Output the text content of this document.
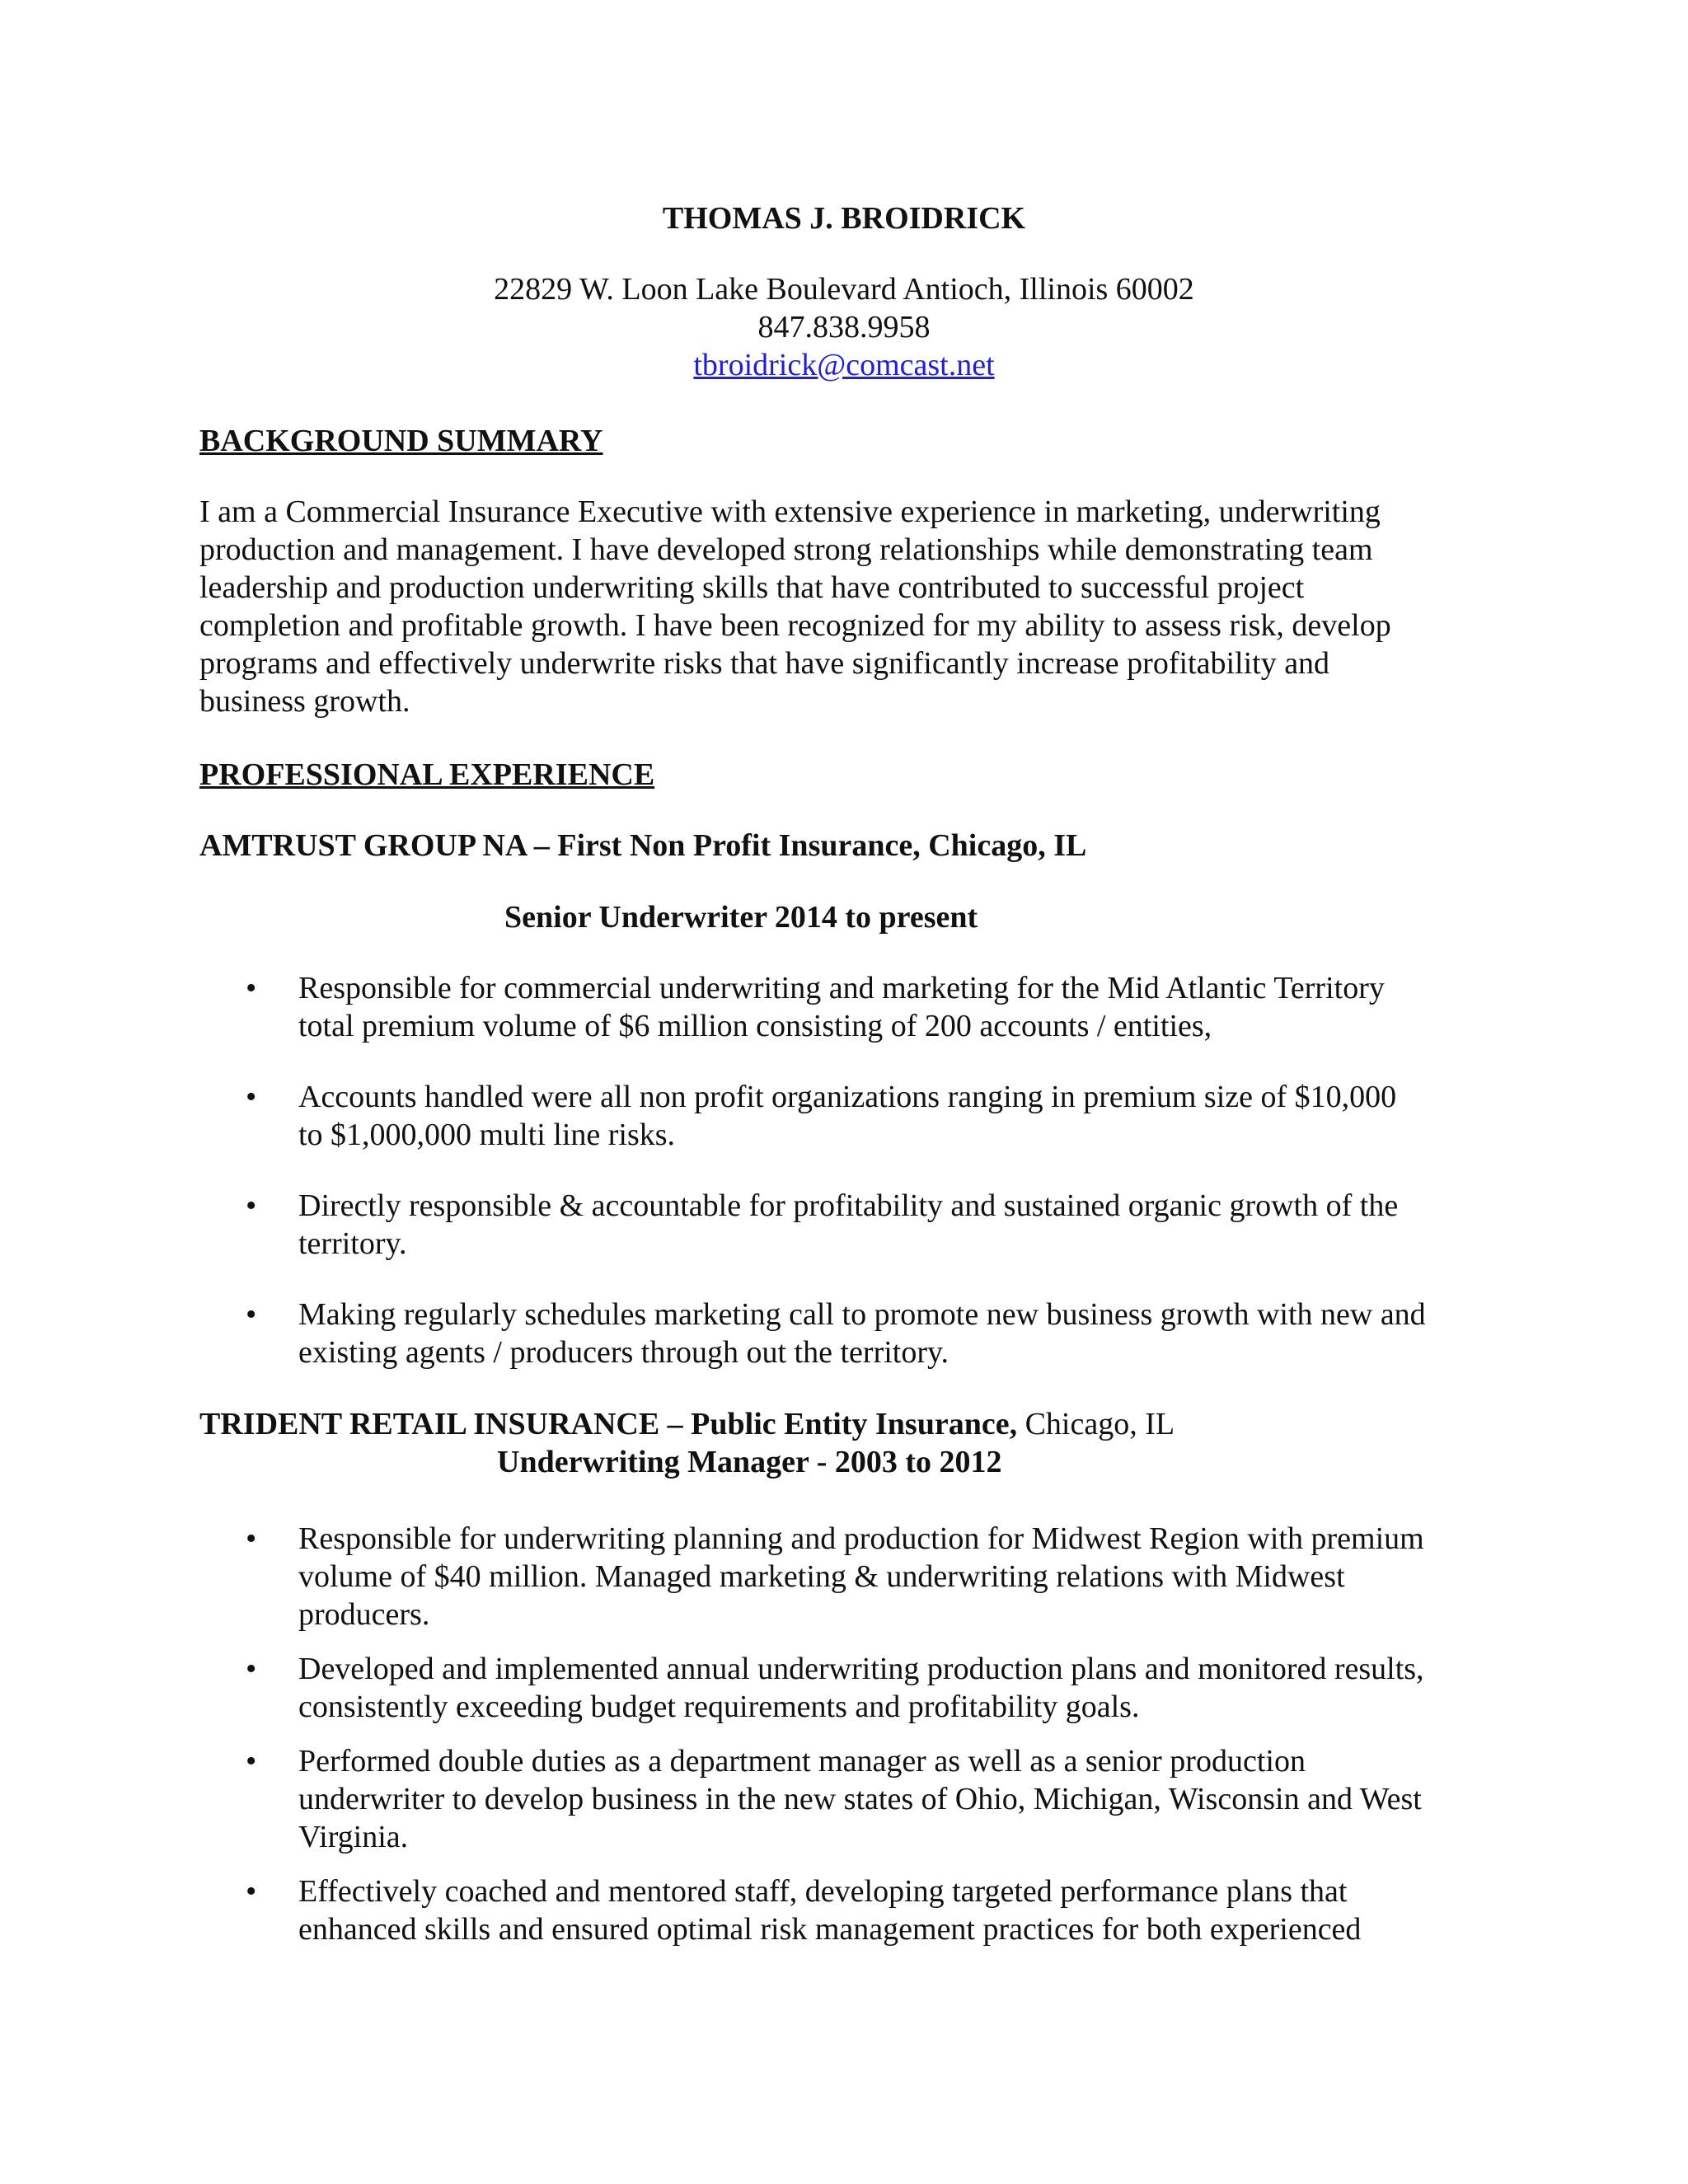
THOMAS J. BROIDRICK
22829 W. Loon Lake Boulevard Antioch, Illinois 60002
847.838.9958
tbroidrick@comcast.net
BACKGROUND SUMMARY
I am a Commercial Insurance Executive with extensive experience in marketing, underwriting
production and management. I have developed strong relationships while demonstrating team
leadership and production underwriting skills that have contributed to successful project
completion and profitable growth. I have been recognized for my ability to assess risk, develop
programs and effectively underwrite risks that have significantly increase profitability and
business growth.
PROFESSIONAL EXPERIENCE
AMTRUST GROUP NA – First Non Profit Insurance, Chicago, IL
Senior Underwriter 2014 to present
• Responsible for commercial underwriting and marketing for the Mid Atlantic Territory
total premium volume of $6 million consisting of 200 accounts / entities,
• Accounts handled were all non profit organizations ranging in premium size of $10,000
to $1,000,000 multi line risks.
• Directly responsible & accountable for profitability and sustained organic growth of the
territory.
• Making regularly schedules marketing call to promote new business growth with new and
existing agents / producers through out the territory.
TRIDENT RETAIL INSURANCE – Public Entity Insurance, Chicago, IL
Underwriting Manager - 2003 to 2012
• Responsible for underwriting planning and production for Midwest Region with premium
volume of $40 million. Managed marketing & underwriting relations with Midwest
producers.
• Developed and implemented annual underwriting production plans and monitored results,
consistently exceeding budget requirements and profitability goals.
• Performed double duties as a department manager as well as a senior production
underwriter to develop business in the new states of Ohio, Michigan, Wisconsin and West
Virginia.
• Effectively coached and mentored staff, developing targeted performance plans that
enhanced skills and ensured optimal risk management practices for both experienced
